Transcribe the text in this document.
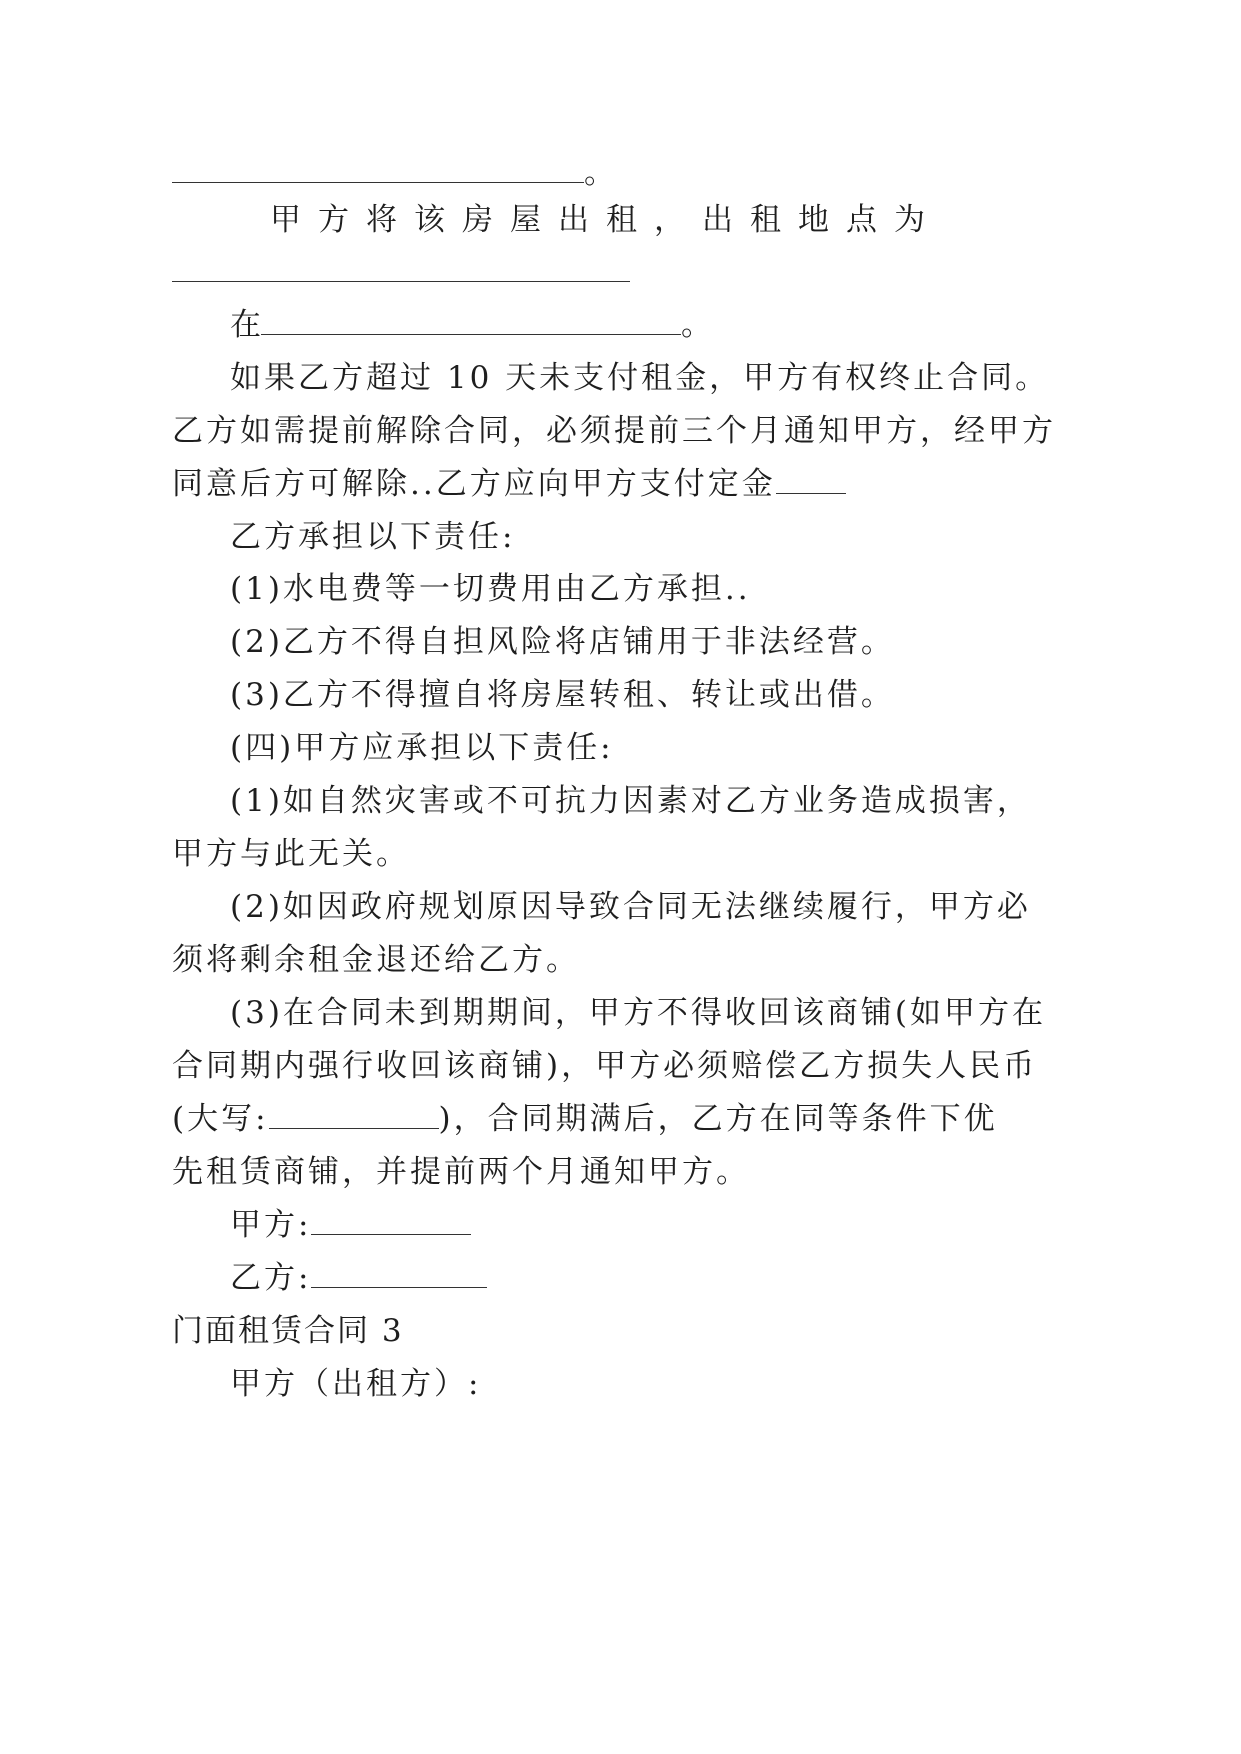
。
甲方将该房屋出租，出租地点为
在	。
如果乙方超过 10 天未支付租金，甲方有权终止合同。
乙方如需提前解除合同，必须提前三个月通知甲方，经甲方
同意后方可解除..乙方应向甲方支付定金
乙方承担以下责任:
(1)水电费等一切费用由乙方承担..
(2)乙方不得自担风险将店铺用于非法经营。
(3)乙方不得擅自将房屋转租、转让或出借。
(四)甲方应承担以下责任:
(1)如自然灾害或不可抗力因素对乙方业务造成损害，
甲方与此无关。
(2)如因政府规划原因导致合同无法继续履行，甲方必
须将剩余租金退还给乙方。
(3)在合同未到期期间，甲方不得收回该商铺(如甲方在
合同期内强行收回该商铺)，甲方必须赔偿乙方损失人民币
(大写:	)，合同期满后，乙方在同等条件下优
先租赁商铺，并提前两个月通知甲方。
甲方:
乙方:
门面租赁合同 3
甲方（出租方）:
